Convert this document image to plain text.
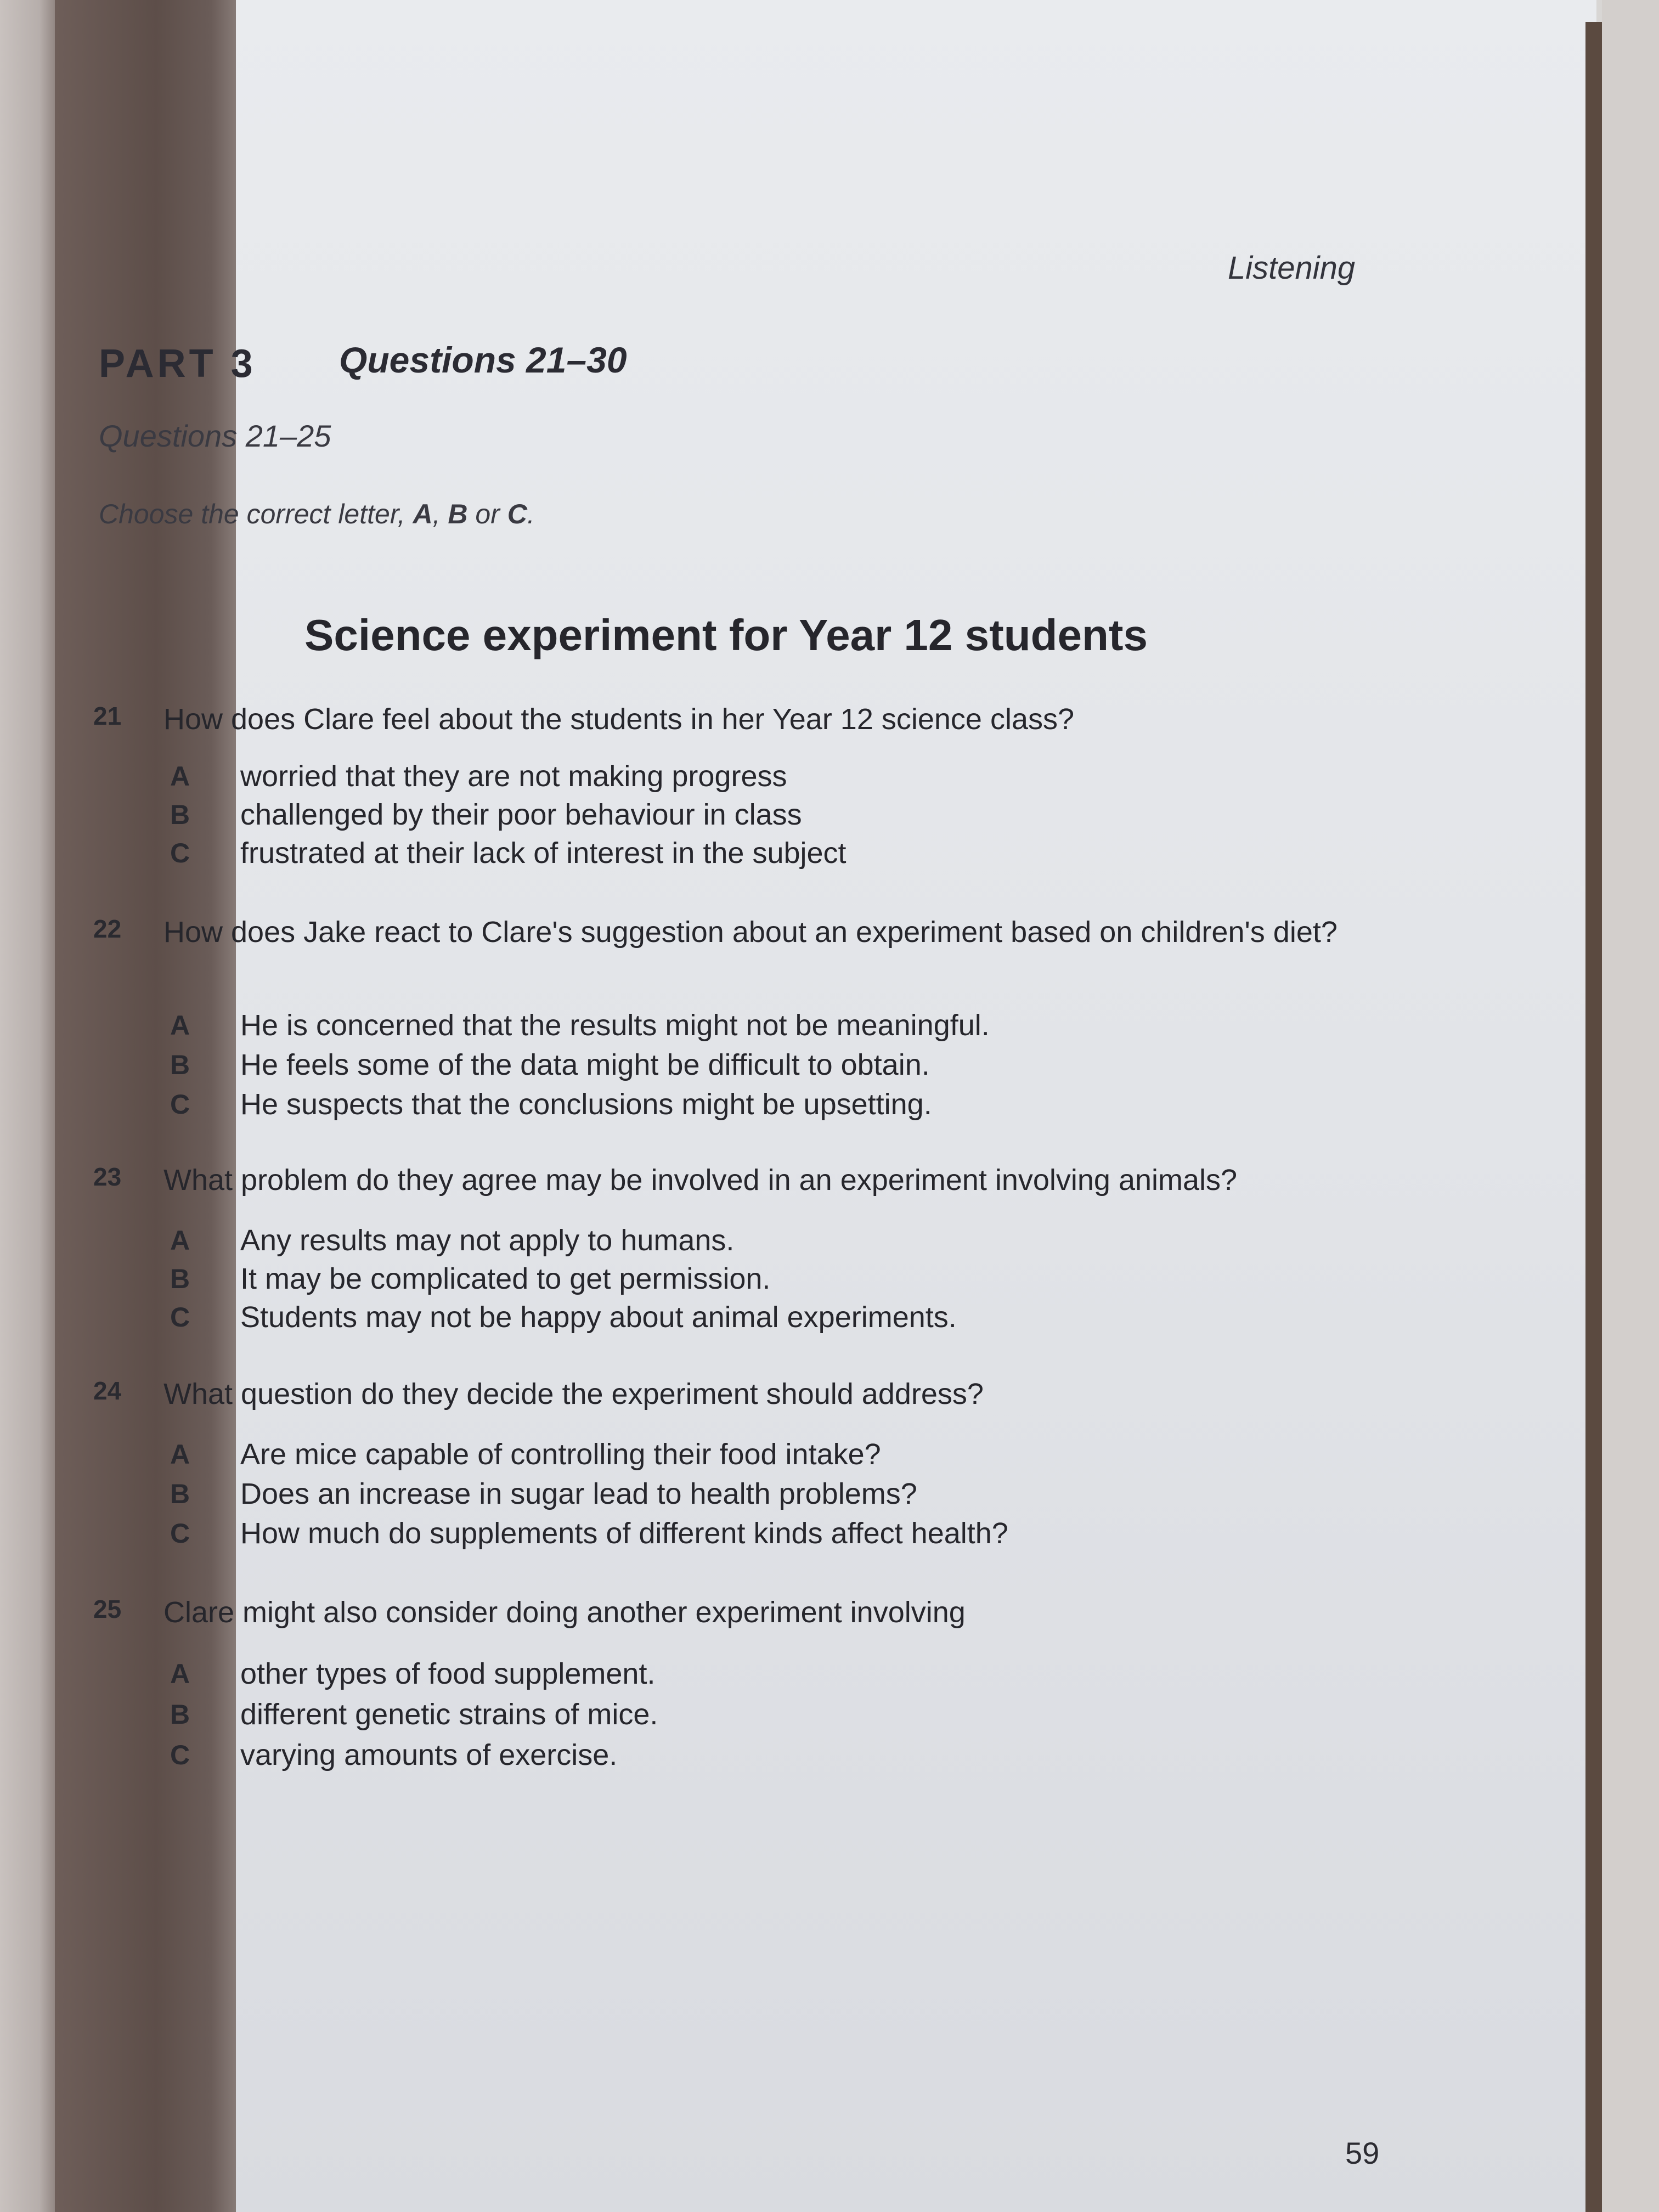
Listening
PART 3 Questions 21–30
Questions 21–25
Choose the correct letter, A, B or C.
Science experiment for Year 12 students
21 How does Clare feel about the students in her Year 12 science class?
A worried that they are not making progress
B challenged by their poor behaviour in class
C frustrated at their lack of interest in the subject
22 How does Jake react to Clare's suggestion about an experiment based on children's diet?
A He is concerned that the results might not be meaningful.
B He feels some of the data might be difficult to obtain.
C He suspects that the conclusions might be upsetting.
23 What problem do they agree may be involved in an experiment involving animals?
A Any results may not apply to humans.
B It may be complicated to get permission.
C Students may not be happy about animal experiments.
24 What question do they decide the experiment should address?
A Are mice capable of controlling their food intake?
B Does an increase in sugar lead to health problems?
C How much do supplements of different kinds affect health?
25 Clare might also consider doing another experiment involving
A other types of food supplement.
B different genetic strains of mice.
C varying amounts of exercise.
59
